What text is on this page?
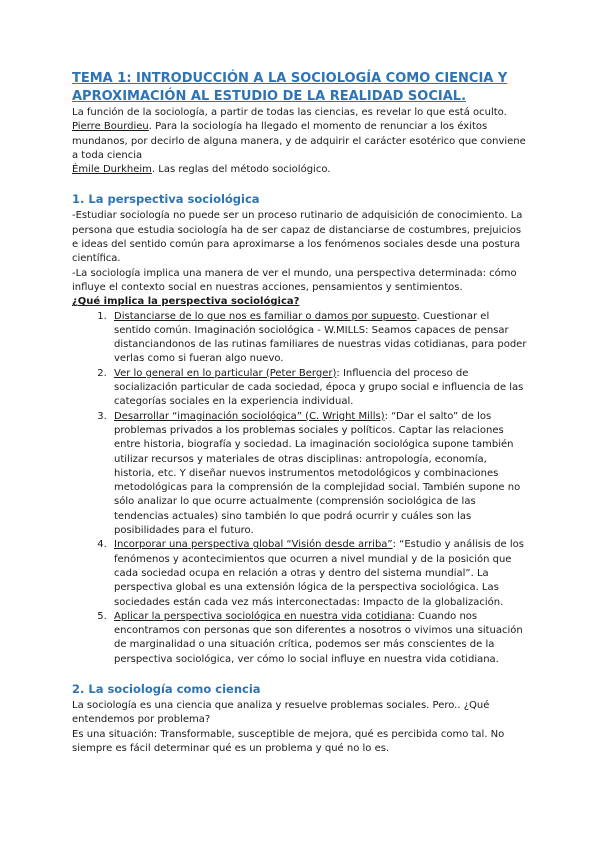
TEMA 1: INTRODUCCIÓN A LA SOCIOLOGÍA COMO CIENCIA Y
APROXIMACIÓN AL ESTUDIO DE LA REALIDAD SOCIAL.

La función de la sociología, a partir de todas las ciencias, es revelar lo que está oculto.

Pierre Bourdieu. Para la sociología ha llegado el momento de renunciar a los éxitos mundanos, por decirlo de alguna manera, y de adquirir el carácter esotérico que conviene a toda ciencia

Émile Durkheim. Las reglas del método sociológico.

1. La perspectiva sociológica

-Estudiar sociología no puede ser un proceso rutinario de adquisición de conocimiento. La persona que estudia sociología ha de ser capaz de distanciarse de costumbres, prejuicios e ideas del sentido común para aproximarse a los fenómenos sociales desde una postura científica.

-La sociología implica una manera de ver el mundo, una perspectiva determinada: cómo influye el contexto social en nuestras acciones, pensamientos y sentimientos.

¿Qué implica la perspectiva sociológica?

1. Distanciarse de lo que nos es familiar o damos por supuesto. Cuestionar el sentido común. Imaginación sociológica - W.MILLS: Seamos capaces de pensar distanciandonos de las rutinas familiares de nuestras vidas cotidianas, para poder verlas como si fueran algo nuevo.
2. Ver lo general en lo particular (Peter Berger): Influencia del proceso de socialización particular de cada sociedad, época y grupo social e influencia de las categorías sociales en la experiencia individual.
3. Desarrollar “imaginación sociológica” (C. Wright Mills): “Dar el salto” de los problemas privados a los problemas sociales y políticos. Captar las relaciones entre historia, biografía y sociedad. La imaginación sociológica supone también utilizar recursos y materiales de otras disciplinas: antropología, economía, historia, etc. Y diseñar nuevos instrumentos metodológicos y combinaciones metodológicas para la comprensión de la complejidad social. También supone no sólo analizar lo que ocurre actualmente (comprensión sociológica de las tendencias actuales) sino también lo que podrá ocurrir y cuáles son las posibilidades para el futuro.
4. Incorporar una perspectiva global “Visión desde arriba”: “Estudio y análisis de los fenómenos y acontecimientos que ocurren a nivel mundial y de la posición que cada sociedad ocupa en relación a otras y dentro del sistema mundial”. La perspectiva global es una extensión lógica de la perspectiva sociológica. Las sociedades están cada vez más interconectadas: Impacto de la globalización.
5. Aplicar la perspectiva sociológica en nuestra vida cotidiana: Cuando nos encontramos con personas que son diferentes a nosotros o vivimos una situación de marginalidad o una situación crítica, podemos ser más conscientes de la perspectiva sociológica, ver cómo lo social influye en nuestra vida cotidiana.
2. La sociología como ciencia

La sociología es una ciencia que analiza y resuelve problemas sociales. Pero.. ¿Qué entendemos por problema?

Es una situación: Transformable, susceptible de mejora, qué es percibida como tal. No siempre es fácil determinar qué es un problema y qué no lo es.
